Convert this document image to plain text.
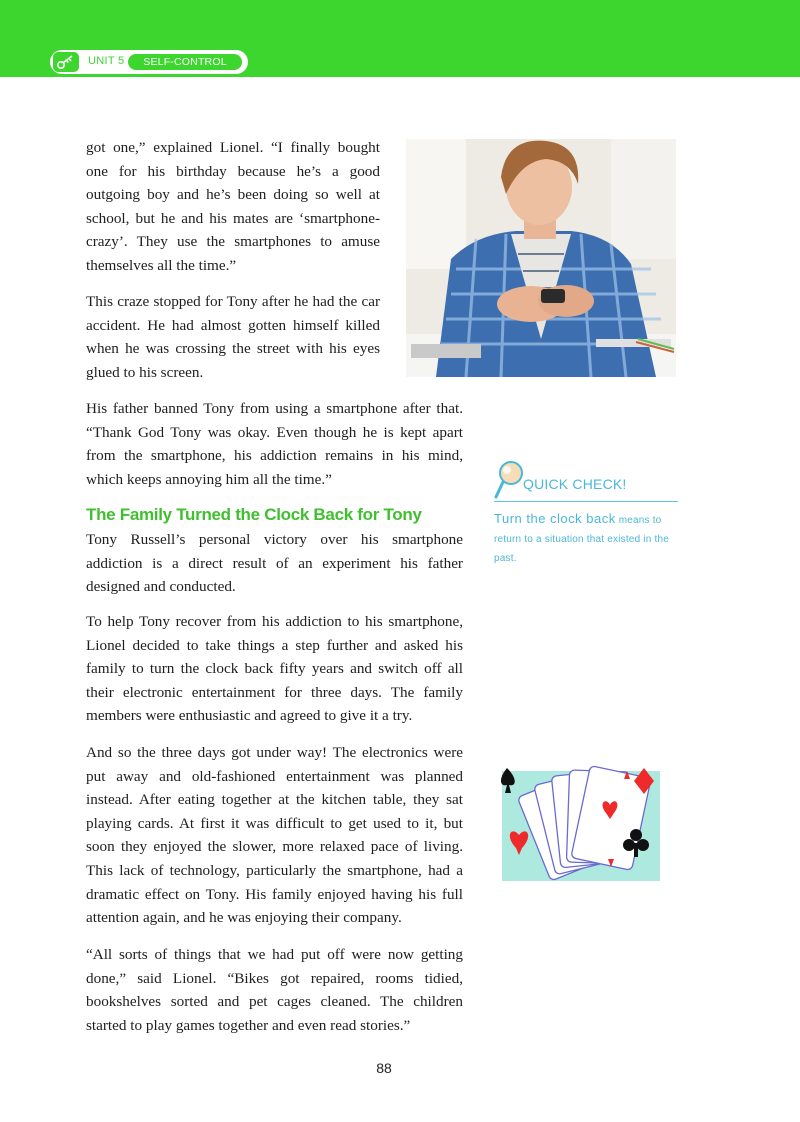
UNIT 5	SELF-CONTROL

got one,” explained Lionel. “I finally bought one for his birthday because he’s a good outgoing boy and he’s been doing so well at school, but he and his mates are ‘smartphone-crazy’. They use the smartphones to amuse themselves all the time.”

This craze stopped for Tony after he had the car accident. He had almost gotten himself killed when he was crossing the street with his eyes glued to his screen.

His father banned Tony from using a smartphone after that. “Thank God Tony was okay. Even though he is kept apart from the smartphone, his addiction remains in his mind, which keeps annoying him all the time.”

The Family Turned the Clock Back for Tony

Tony Russell’s personal victory over his smartphone addiction is a direct result of an experiment his father designed and conducted.

To help Tony recover from his addiction to his smartphone, Lionel decided to take things a step further and asked his family to turn the clock back fifty years and switch off all their electronic entertainment for three days. The family members were enthusiastic and agreed to give it a try.

And so the three days got under way! The electronics were put away and old-fashioned entertainment was planned instead. After eating together at the kitchen table, they sat playing cards. At first it was difficult to get used to it, but soon they enjoyed the slower, more relaxed pace of living. This lack of technology, particularly the smartphone, had a dramatic effect on Tony. His family enjoyed having his full attention again, and he was enjoying their company.

“All sorts of things that we had put off were now getting done,” said Lionel. “Bikes got repaired, rooms tidied, bookshelves sorted and pet cages cleaned. The children started to play games together and even read stories.”

QUICK CHECK!

Turn the clock back means to return to a situation that existed in the past.

88
